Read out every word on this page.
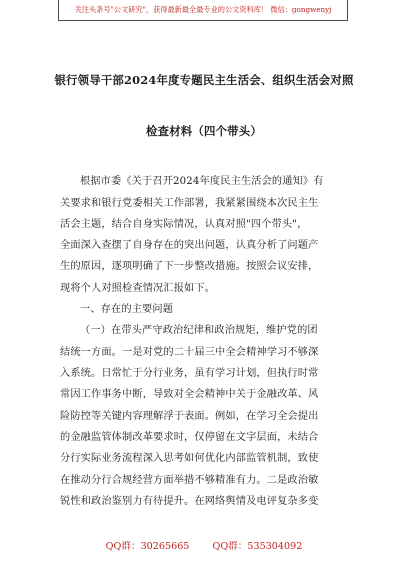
关注头条号"公文研究"，获得最新最全最专业的公文资料库！ 微信：gongwenyj
银行领导干部2024年度专题民主生活会、组织生活会对照
检查材料（四个带头）
根据市委《关于召开2024年度民主生活会的通知》有
关要求和银行党委相关工作部署，我紧紧围绕本次民主生
活会主题，结合自身实际情况，认真对照"四个带头"，
全面深入查摆了自身存在的突出问题，认真分析了问题产
生的原因，逐项明确了下一步整改措施。按照会议安排，
现将个人对照检查情况汇报如下。
一、存在的主要问题
（一）在带头严守政治纪律和政治规矩，维护党的团
结统一方面。一是对党的二十届三中全会精神学习不够深
入系统。日常忙于分行业务，虽有学习计划，但执行时常
常因工作事务中断，导致对全会精神中关于金融改革、风
险防控等关键内容理解浮于表面。例如，在学习全会提出
的金融监管体制改革要求时，仅停留在文字层面，未结合
分行实际业务流程深入思考如何优化内部监管机制，致使
在推动分行合规经营方面举措不够精准有力。二是政治敏
锐性和政治鉴别力有待提升。在网络舆情及电评复杂多变
QQ群：30265665 QQ群：535304092
